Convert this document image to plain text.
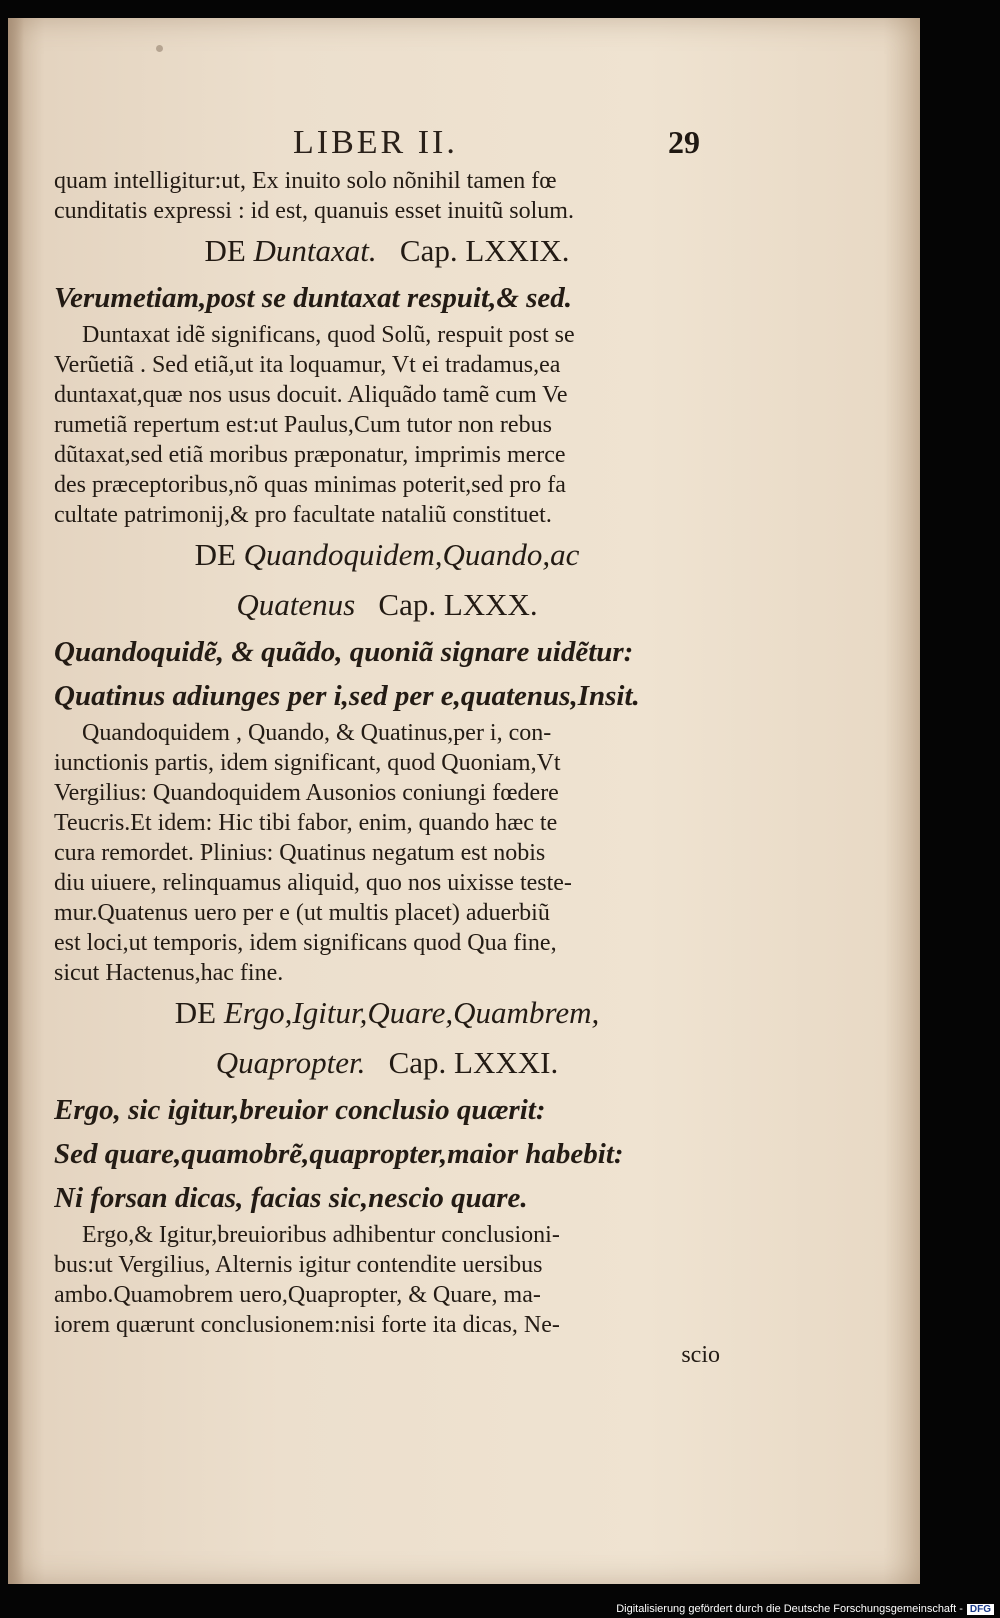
LIBER II.	29
quam intelligitur:ut, Ex inuito solo nõnihil tamen fœ
cunditatis expressi : id est, quanuis esset inuitũ solum.
DE Duntaxat. Cap. LXXIX.
Verumetiam,post se duntaxat respuit,& sed.
Duntaxat idẽ significans, quod Solũ, respuit post se
Verũetiã . Sed etiã,ut ita loquamur, Vt ei tradamus,ea
duntaxat,quæ nos usus docuit. Aliquãdo tamẽ cum Ve
rumetiã repertum est:ut Paulus,Cum tutor non rebus
dũtaxat,sed etiã moribus præponatur, imprimis merce
des præceptoribus,nõ quas minimas poterit,sed pro fa
cultate patrimonij,& pro facultate nataliũ constituet.
DE Quandoquidem,Quando,ac
Quatenus Cap. LXXX.
Quandoquidẽ, & quãdo, quoniã signare uidẽtur:
Quatinus adiunges per i,sed per e,quatenus,Insit.
Quandoquidem , Quando, & Quatinus,per i, con-
iunctionis partis, idem significant, quod Quoniam,Vt
Vergilius: Quandoquidem Ausonios coniungi fœdere
Teucris.Et idem: Hic tibi fabor, enim, quando hæc te
cura remordet. Plinius: Quatinus negatum est nobis
diu uiuere, relinquamus aliquid, quo nos uixisse teste-
mur.Quatenus uero per e (ut multis placet) aduerbiũ
est loci,ut temporis, idem significans quod Qua fine,
sicut Hactenus,hac fine.
DE Ergo,Igitur,Quare,Quambrem,
Quapropter. Cap. LXXXI.
Ergo, sic igitur,breuior conclusio quærit:
Sed quare,quamobrẽ,quapropter,maior habebit:
Ni forsan dicas, facias sic,nescio quare.
Ergo,& Igitur,breuioribus adhibentur conclusioni-
bus:ut Vergilius, Alternis igitur contendite uersibus
ambo.Quamobrem uero,Quapropter, & Quare, ma-
iorem quærunt conclusionem:nisi forte ita dicas, Ne-
scio
Digitalisierung gefördert durch die Deutsche Forschungsgemeinschaft - DFG
